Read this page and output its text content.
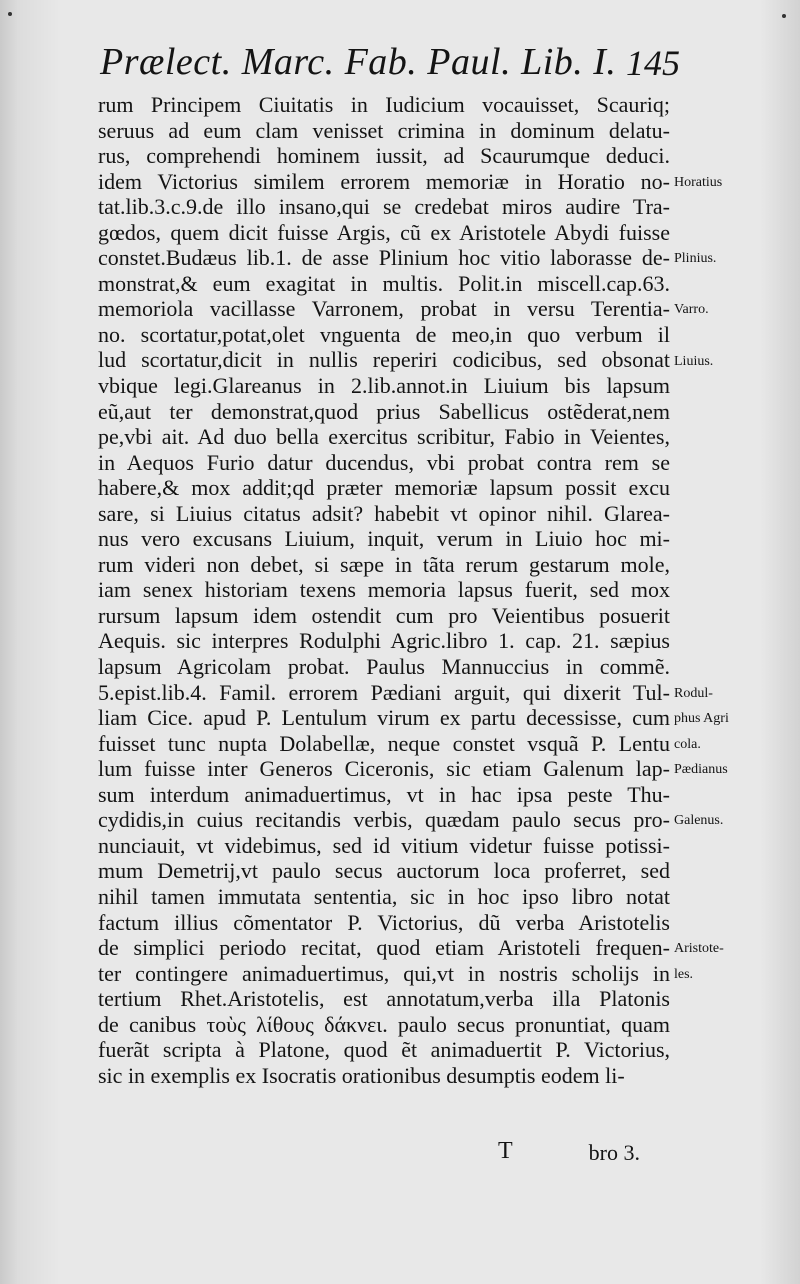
Prælect. Marc. Fab. Paul. Lib. I. 145
rum Principem Ciuitatis in Iudicium vocauisset, Scauriq;
seruus ad eum clam venisset crimina in dominum delatu-
rus, comprehendi hominem iussit, ad Scaurumque deduci.
idem Victorius similem errorem memoriæ in Horatio no-
tat.lib.3.c.9.de illo insano,qui se credebat miros audire Tra-
gœdos, quem dicit fuisse Argis, cũ ex Aristotele Abydi fuisse
constet.Budæus lib.1. de asse Plinium hoc vitio laborasse de-
monstrat,& eum exagitat in multis. Polit.in miscell.cap.63.
memoriola vacillasse Varronem, probat in versu Terentia-
no. scortatur,potat,olet vnguenta de meo,in quo verbum il
lud scortatur,dicit in nullis reperiri codicibus, sed obsonat
vbique legi.Glareanus in 2.lib.annot.in Liuium bis lapsum
eũ,aut ter demonstrat,quod prius Sabellicus ostẽderat,nem
pe,vbi ait. Ad duo bella exercitus scribitur, Fabio in Veientes,
in Aequos Furio datur ducendus, vbi probat contra rem se
habere,& mox addit;qd præter memoriæ lapsum possit excu
sare, si Liuius citatus adsit? habebit vt opinor nihil. Glarea-
nus vero excusans Liuium, inquit, verum in Liuio hoc mi-
rum videri non debet, si sæpe in tãta rerum gestarum mole,
iam senex historiam texens memoria lapsus fuerit, sed mox
rursum lapsum idem ostendit cum pro Veientibus posuerit
Aequis. sic interpres Rodulphi Agric.libro 1. cap. 21. sæpius
lapsum Agricolam probat. Paulus Mannuccius in commẽ.
5.epist.lib.4. Famil. errorem Pædiani arguit, qui dixerit Tul-
liam Cice. apud P. Lentulum virum ex partu decessisse, cum
fuisset tunc nupta Dolabellæ, neque constet vsquã P. Lentu
lum fuisse inter Generos Ciceronis, sic etiam Galenum lap-
sum interdum animaduertimus, vt in hac ipsa peste Thu-
cydidis,in cuius recitandis verbis, quædam paulo secus pro-
nunciauit, vt videbimus, sed id vitium videtur fuisse potissi-
mum Demetrij,vt paulo secus auctorum loca proferret, sed
nihil tamen immutata sententia, sic in hoc ipso libro notat
factum illius cõmentator P. Victorius, dũ verba Aristotelis
de simplici periodo recitat, quod etiam Aristoteli frequen-
ter contingere animaduertimus, qui,vt in nostris scholijs in
tertium Rhet.Aristotelis, est annotatum,verba illa Platonis
de canibus τοὺς λίθους δάκνει. paulo secus pronuntiat, quam
fuerãt scripta à Platone, quod ẽt animaduertit P. Victorius,
sic in exemplis ex Isocratis orationibus desumptis eodem li-
Horatius
Plinius.
Varro.
Liuius.
Rodul-
phus Agri
cola.
Pædianus
Galenus.
Aristote-
les.

T	bro 3.
